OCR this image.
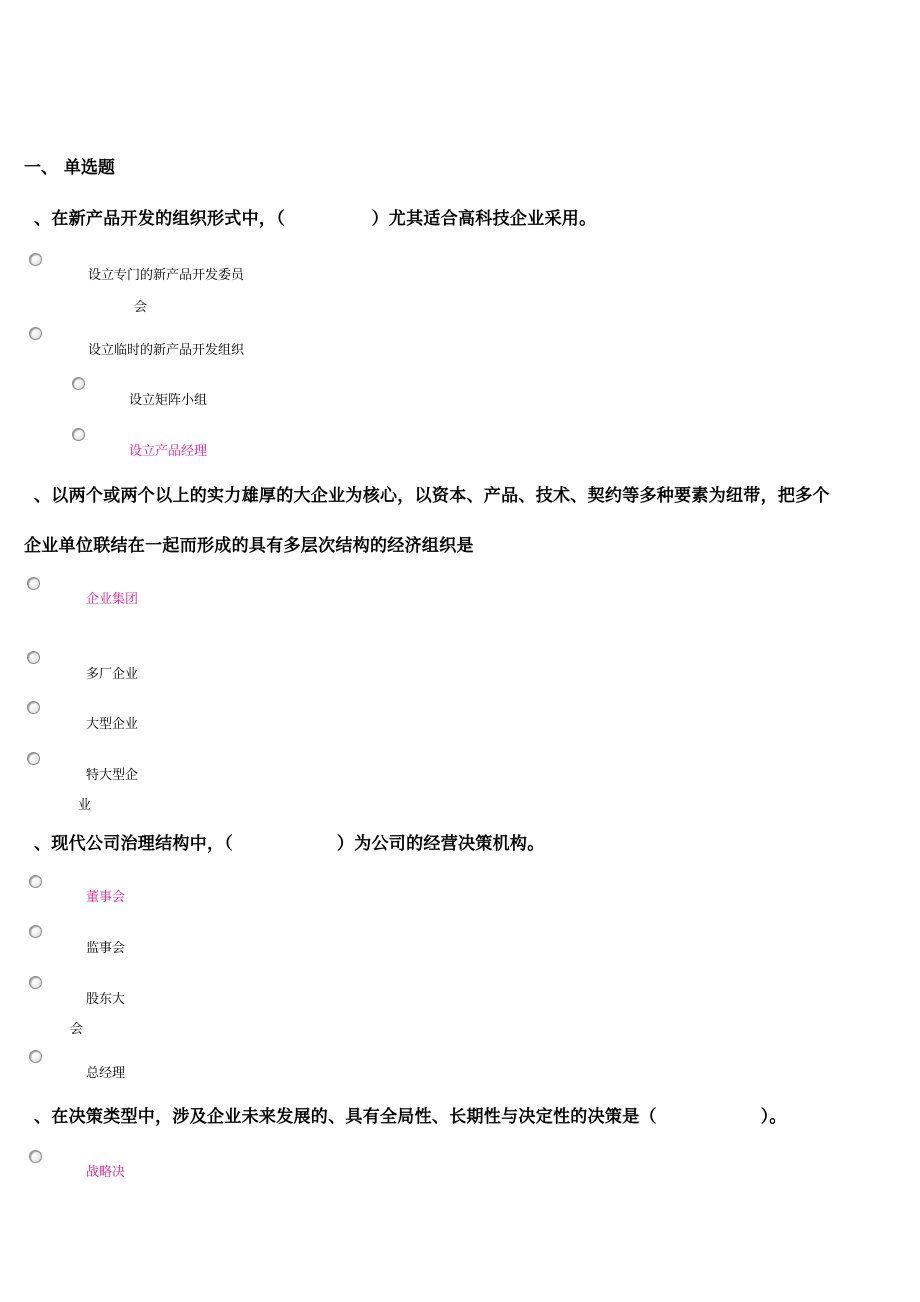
一、 单选题
、在新产品开发的组织形式中，（　　　　　）尤其适合高科技企业采用。
设立专门的新产品开发委员
会
设立临时的新产品开发组织
设立矩阵小组
设立产品经理
、以两个或两个以上的实力雄厚的大企业为核心，以资本、产品、技术、契约等多种要素为纽带，把多个
企业单位联结在一起而形成的具有多层次结构的经济组织是
企业集团
多厂企业
大型企业
特大型企
业
、现代公司治理结构中，（　　　　　　）为公司的经营决策机构。
董事会
监事会
股东大
会
总经理
、在决策类型中，涉及企业未来发展的、具有全局性、长期性与决定性的决策是（　　　　　　）。
战略决
